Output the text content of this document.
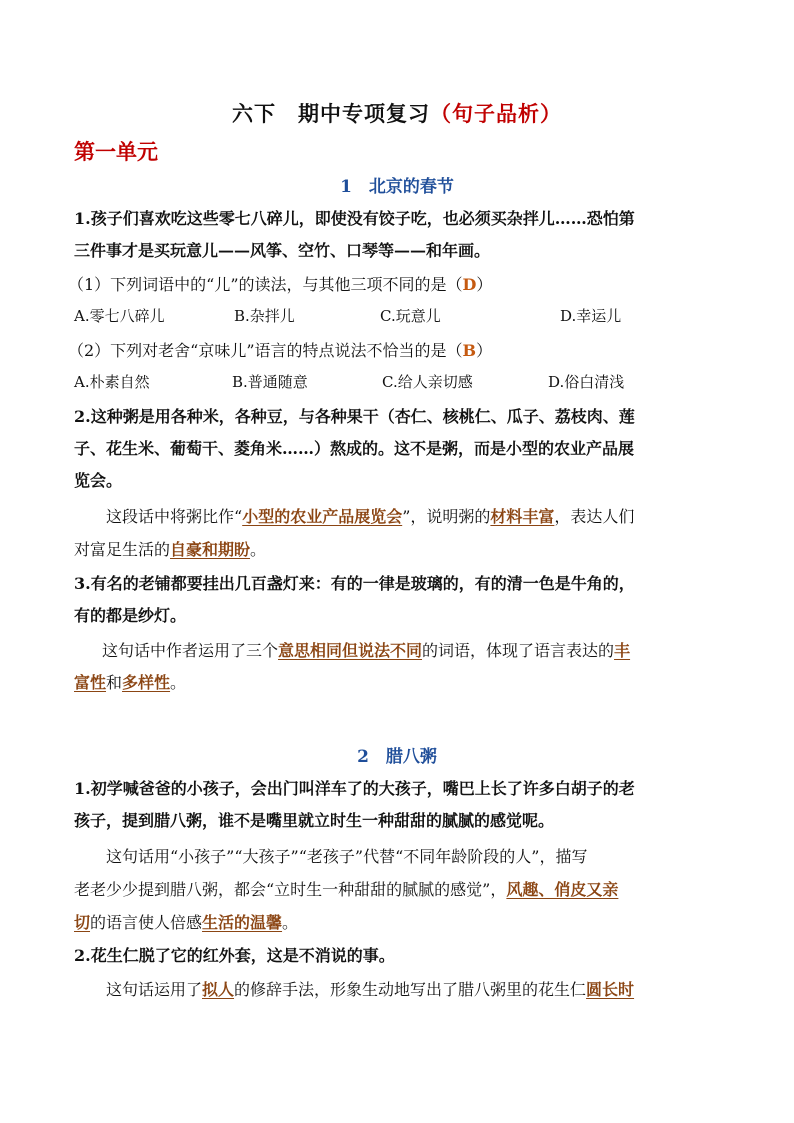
六下　期中专项复习（句子品析）
第一单元
1　北京的春节
1.孩子们喜欢吃这些零七八碎儿，即使没有饺子吃，也必须买杂拌儿……恐怕第
三件事才是买玩意儿——风筝、空竹、口琴等——和年画。
（1）下列词语中的“儿”的读法，与其他三项不同的是（D）
A.零七八碎儿	B.杂拌儿	C.玩意儿	D.幸运儿
（2）下列对老舍“京味儿”语言的特点说法不恰当的是（B）
A.朴素自然	B.普通随意	C.给人亲切感	D.俗白清浅
2.这种粥是用各种米，各种豆，与各种果干（杏仁、核桃仁、瓜子、荔枝肉、莲
子、花生米、葡萄干、菱角米……）熬成的。这不是粥，而是小型的农业产品展
览会。
这段话中将粥比作“小型的农业产品展览会”，说明粥的材料丰富，表达人们
对富足生活的自豪和期盼。
3.有名的老铺都要挂出几百盏灯来：有的一律是玻璃的，有的清一色是牛角的，
有的都是纱灯。
这句话中作者运用了三个意思相同但说法不同的词语，体现了语言表达的丰
富性和多样性。
2　腊八粥
1.初学喊爸爸的小孩子，会出门叫洋车了的大孩子，嘴巴上长了许多白胡子的老
孩子，提到腊八粥，谁不是嘴里就立时生一种甜甜的腻腻的感觉呢。
这句话用“小孩子”“大孩子”“老孩子”代替“不同年龄阶段的人”，描写
老老少少提到腊八粥，都会“立时生一种甜甜的腻腻的感觉”，风趣、俏皮又亲
切的语言使人倍感生活的温馨。
2.花生仁脱了它的红外套，这是不消说的事。
这句话运用了拟人的修辞手法，形象生动地写出了腊八粥里的花生仁圆长时
